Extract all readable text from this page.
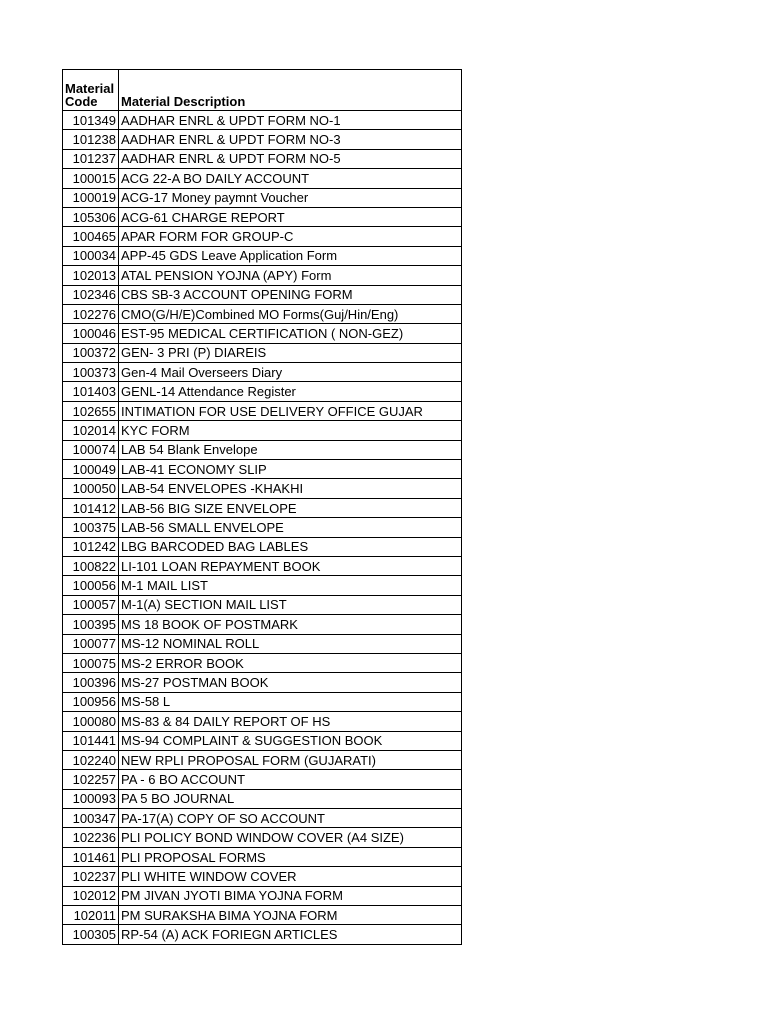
Material
Code	Material Description
101349	AADHAR ENRL & UPDT FORM NO-1
101238	AADHAR ENRL & UPDT FORM NO-3
101237	AADHAR ENRL & UPDT FORM NO-5
100015	ACG 22-A BO DAILY ACCOUNT
100019	ACG-17 Money paymnt Voucher
105306	ACG-61 CHARGE REPORT
100465	APAR FORM FOR GROUP-C
100034	APP-45 GDS Leave Application Form
102013	ATAL PENSION YOJNA (APY) Form
102346	CBS SB-3 ACCOUNT OPENING FORM
102276	CMO(G/H/E)Combined MO Forms(Guj/Hin/Eng)
100046	EST-95 MEDICAL CERTIFICATION ( NON-GEZ)
100372	GEN- 3 PRI (P) DIAREIS
100373	Gen-4 Mail Overseers Diary
101403	GENL-14 Attendance Register
102655	INTIMATION FOR USE DELIVERY OFFICE GUJAR
102014	KYC FORM
100074	LAB 54 Blank Envelope
100049	LAB-41 ECONOMY SLIP
100050	LAB-54 ENVELOPES -KHAKHI
101412	LAB-56 BIG SIZE ENVELOPE
100375	LAB-56 SMALL ENVELOPE
101242	LBG BARCODED BAG LABLES
100822	LI-101 LOAN REPAYMENT BOOK
100056	M-1 MAIL LIST
100057	M-1(A) SECTION MAIL LIST
100395	MS 18 BOOK OF POSTMARK
100077	MS-12 NOMINAL ROLL
100075	MS-2 ERROR BOOK
100396	MS-27 POSTMAN BOOK
100956	MS-58 L
100080	MS-83 & 84 DAILY REPORT OF HS
101441	MS-94 COMPLAINT & SUGGESTION BOOK
102240	NEW RPLI PROPOSAL FORM (GUJARATI)
102257	PA - 6 BO ACCOUNT
100093	PA 5 BO JOURNAL
100347	PA-17(A) COPY OF SO ACCOUNT
102236	PLI POLICY BOND WINDOW COVER (A4 SIZE)
101461	PLI PROPOSAL FORMS
102237	PLI WHITE WINDOW COVER
102012	PM JIVAN JYOTI BIMA YOJNA FORM
102011	PM SURAKSHA BIMA YOJNA FORM
100305	RP-54 (A) ACK FORIEGN ARTICLES
